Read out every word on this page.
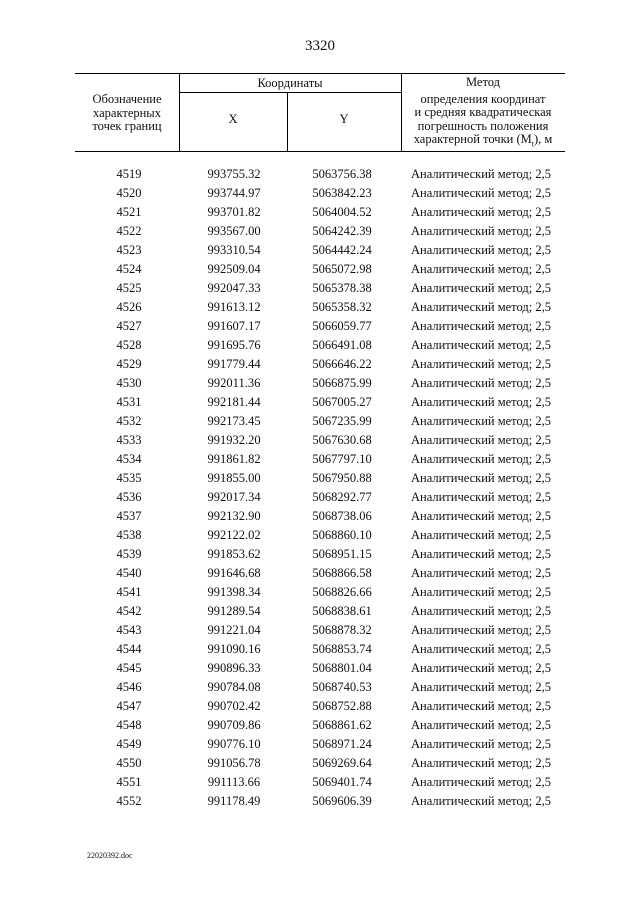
3320
Обозначение
характерных
точек границ
Координаты
X	Y
Метод
определения координат
и средняя квадратическая
погрешность положения
характерной точки $(M_t)$, м
4519	993755.32	5063756.38	Аналитический метод; 2,5
4520	993744.97	5063842.23	Аналитический метод; 2,5
4521	993701.82	5064004.52	Аналитический метод; 2,5
4522	993567.00	5064242.39	Аналитический метод; 2,5
4523	993310.54	5064442.24	Аналитический метод; 2,5
4524	992509.04	5065072.98	Аналитический метод; 2,5
4525	992047.33	5065378.38	Аналитический метод; 2,5
4526	991613.12	5065358.32	Аналитический метод; 2,5
4527	991607.17	5066059.77	Аналитический метод; 2,5
4528	991695.76	5066491.08	Аналитический метод; 2,5
4529	991779.44	5066646.22	Аналитический метод; 2,5
4530	992011.36	5066875.99	Аналитический метод; 2,5
4531	992181.44	5067005.27	Аналитический метод; 2,5
4532	992173.45	5067235.99	Аналитический метод; 2,5
4533	991932.20	5067630.68	Аналитический метод; 2,5
4534	991861.82	5067797.10	Аналитический метод; 2,5
4535	991855.00	5067950.88	Аналитический метод; 2,5
4536	992017.34	5068292.77	Аналитический метод; 2,5
4537	992132.90	5068738.06	Аналитический метод; 2,5
4538	992122.02	5068860.10	Аналитический метод; 2,5
4539	991853.62	5068951.15	Аналитический метод; 2,5
4540	991646.68	5068866.58	Аналитический метод; 2,5
4541	991398.34	5068826.66	Аналитический метод; 2,5
4542	991289.54	5068838.61	Аналитический метод; 2,5
4543	991221.04	5068878.32	Аналитический метод; 2,5
4544	991090.16	5068853.74	Аналитический метод; 2,5
4545	990896.33	5068801.04	Аналитический метод; 2,5
4546	990784.08	5068740.53	Аналитический метод; 2,5
4547	990702.42	5068752.88	Аналитический метод; 2,5
4548	990709.86	5068861.62	Аналитический метод; 2,5
4549	990776.10	5068971.24	Аналитический метод; 2,5
4550	991056.78	5069269.64	Аналитический метод; 2,5
4551	991113.66	5069401.74	Аналитический метод; 2,5
4552	991178.49	5069606.39	Аналитический метод; 2,5
22020392.doc
